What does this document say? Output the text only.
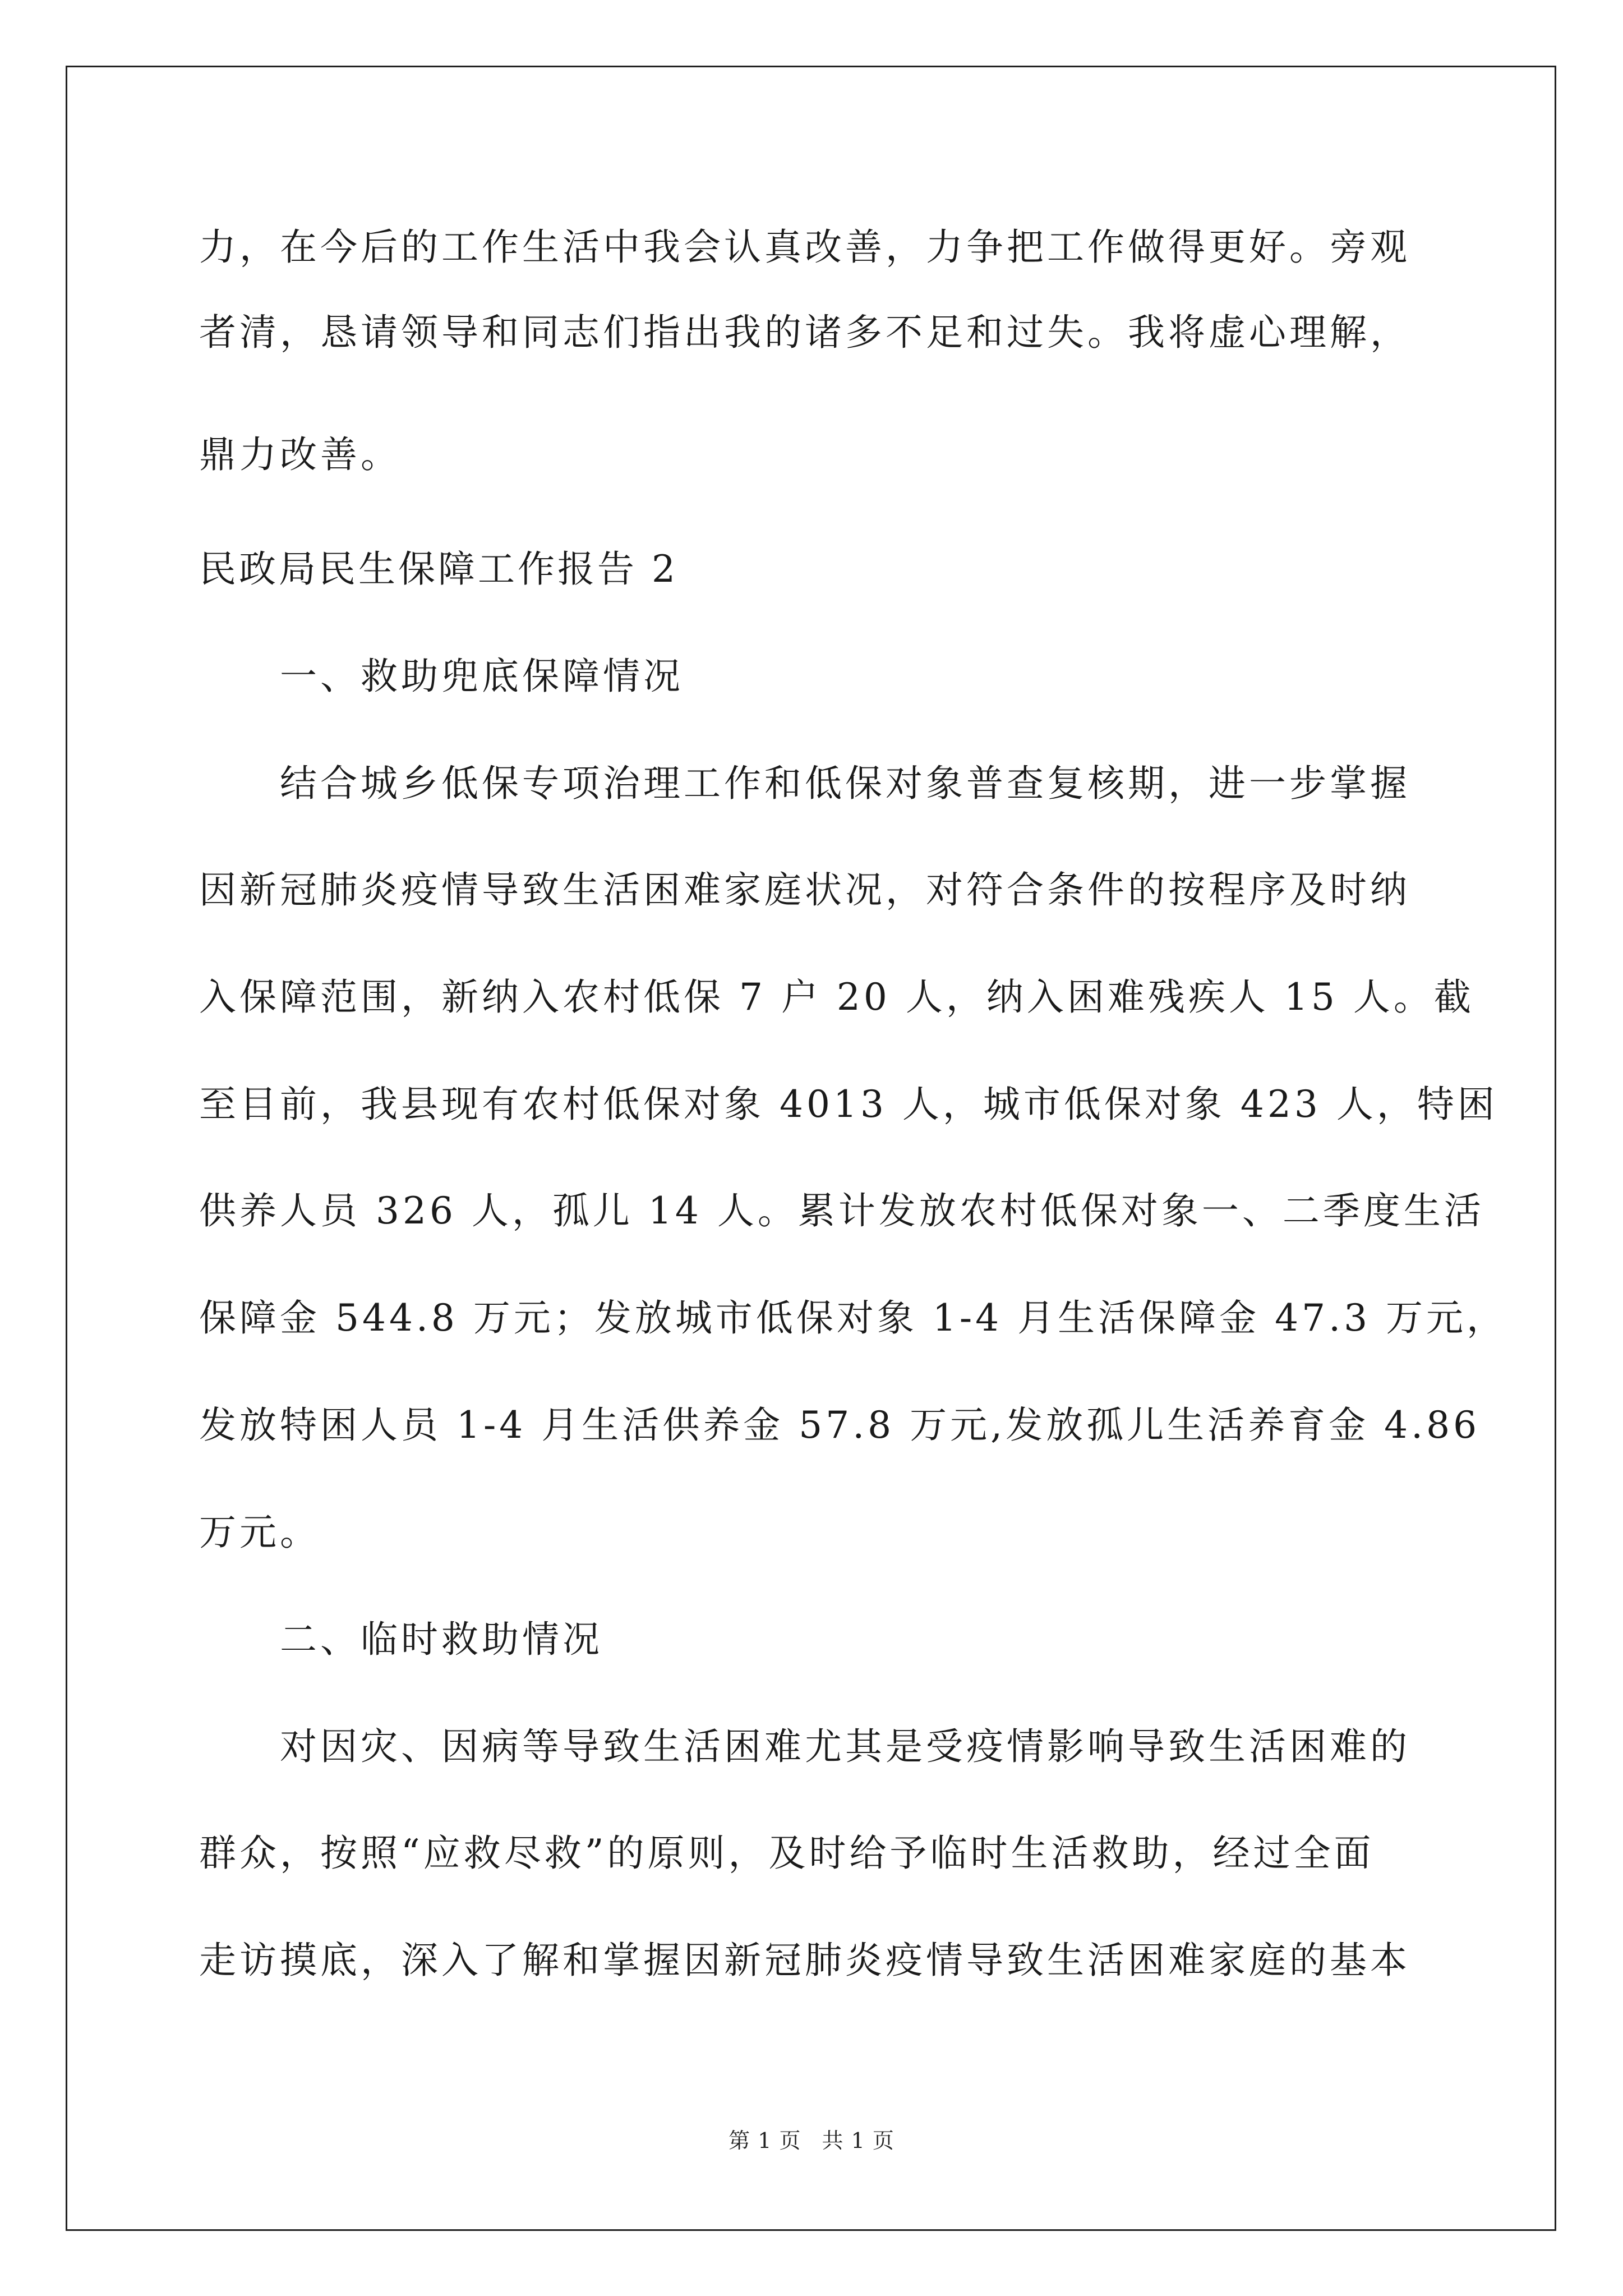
力，在今后的工作生活中我会认真改善，力争把工作做得更好。旁观

者清，恳请领导和同志们指出我的诸多不足和过失。我将虚心理解，

鼎力改善。

民政局民生保障工作报告 2

　　一、救助兜底保障情况

　　结合城乡低保专项治理工作和低保对象普查复核期，进一步掌握

因新冠肺炎疫情导致生活困难家庭状况，对符合条件的按程序及时纳

入保障范围，新纳入农村低保 7 户 20 人，纳入困难残疾人 15 人。截

至目前，我县现有农村低保对象 4013 人，城市低保对象 423 人，特困

供养人员 326 人，孤儿 14 人。累计发放农村低保对象一、二季度生活

保障金 544.8 万元；发放城市低保对象 1-4 月生活保障金 47.3 万元，

发放特困人员 1-4 月生活供养金 57.8 万元,发放孤儿生活养育金 4.86

万元。

　　二、临时救助情况

　　对因灾、因病等导致生活困难尤其是受疫情影响导致生活困难的

群众，按照“应救尽救”的原则，及时给予临时生活救助，经过全面

走访摸底，深入了解和掌握因新冠肺炎疫情导致生活困难家庭的基本

第 1 页 共 1 页
